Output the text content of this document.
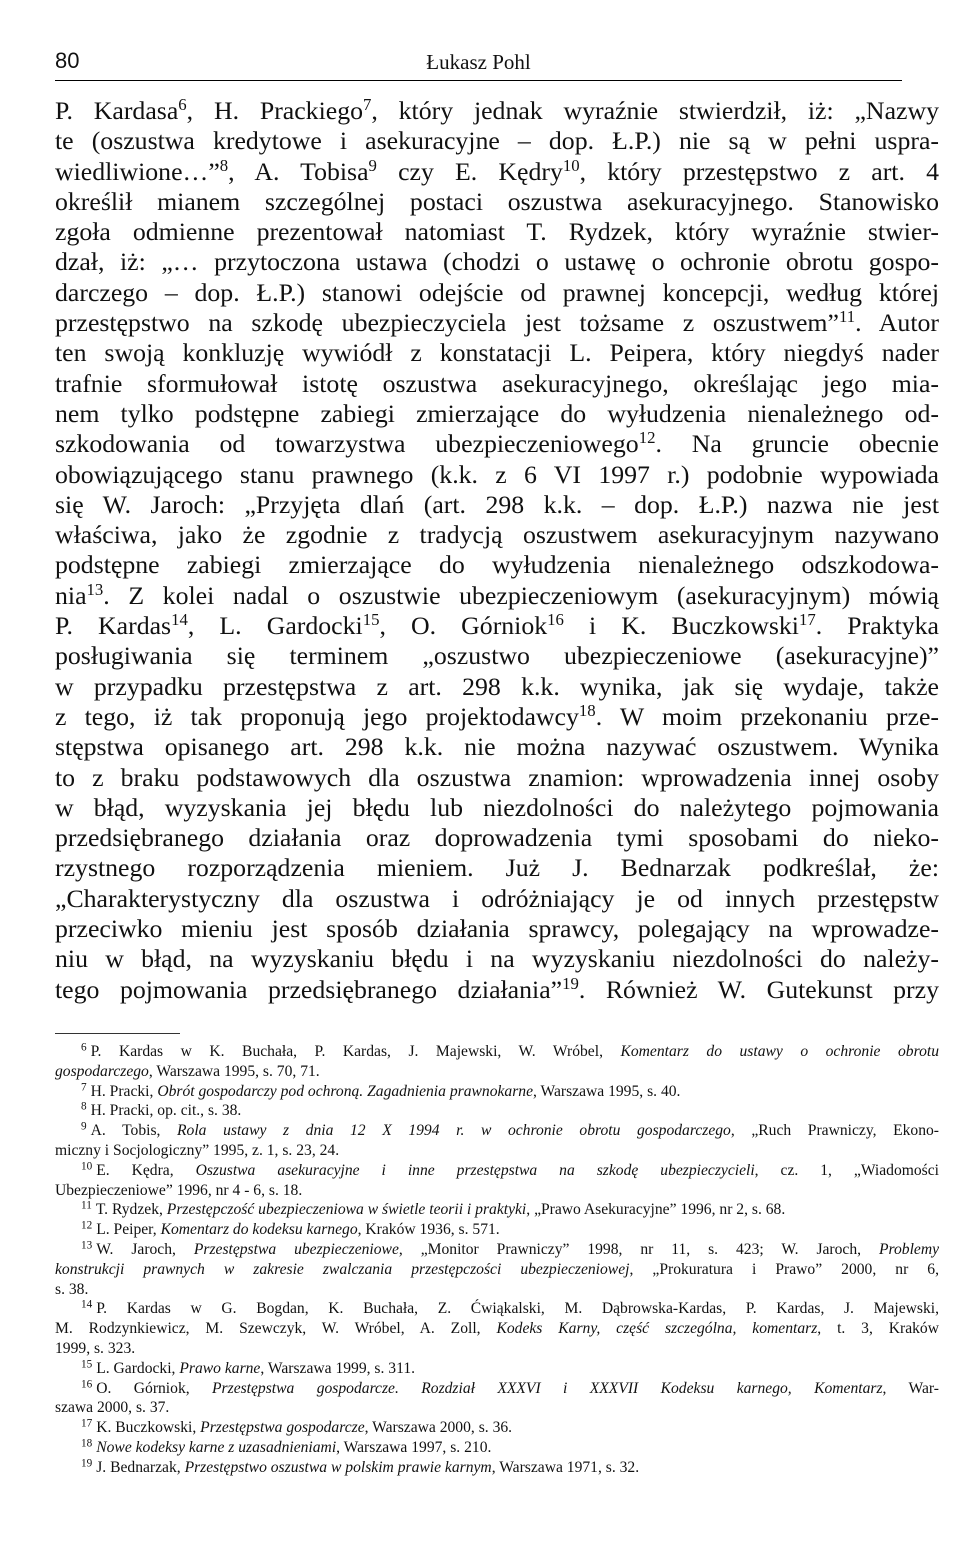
80	Łukasz Pohl
P. Kardasa$^6$, H. Prackiego$^7$, który jednak wyraźnie stwierdził, iż: „Nazwy
te (oszustwa kredytowe i asekuracyjne – dop. Ł.P.) nie są w pełni uspra-
wiedliwione…”$^8$, A. Tobisa$^9$ czy E. Kędry$^{10}$, który przestępstwo z art. 4
określił mianem szczególnej postaci oszustwa asekuracyjnego. Stanowisko
zgoła odmienne prezentował natomiast T. Rydzek, który wyraźnie stwier-
dzał, iż: „… przytoczona ustawa (chodzi o ustawę o ochronie obrotu gospo-
darczego – dop. Ł.P.) stanowi odejście od prawnej koncepcji, według której
przestępstwo na szkodę ubezpieczyciela jest tożsame z oszustwem”$^{11}$. Autor
ten swoją konkluzję wywiódł z konstatacji L. Peipera, który niegdyś nader
trafnie sformułował istotę oszustwa asekuracyjnego, określając jego mia-
nem tylko podstępne zabiegi zmierzające do wyłudzenia nienależnego od-
szkodowania od towarzystwa ubezpieczeniowego$^{12}$. Na gruncie obecnie
obowiązującego stanu prawnego (k.k. z 6 VI 1997 r.) podobnie wypowiada
się W. Jaroch: „Przyjęta dlań (art. 298 k.k. – dop. Ł.P.) nazwa nie jest
właściwa, jako że zgodnie z tradycją oszustwem asekuracyjnym nazywano
podstępne zabiegi zmierzające do wyłudzenia nienależnego odszkodowa-
nia$^{13}$. Z kolei nadal o oszustwie ubezpieczeniowym (asekuracyjnym) mówią
P. Kardas$^{14}$, L. Gardocki$^{15}$, O. Górniok$^{16}$ i K. Buczkowski$^{17}$. Praktyka
posługiwania się terminem „oszustwo ubezpieczeniowe (asekuracyjne)”
w przypadku przestępstwa z art. 298 k.k. wynika, jak się wydaje, także
z tego, iż tak proponują jego projektodawcy$^{18}$. W moim przekonaniu prze-
stępstwa opisanego art. 298 k.k. nie można nazywać oszustwem. Wynika
to z braku podstawowych dla oszustwa znamion: wprowadzenia innej osoby
w błąd, wyzyskania jej błędu lub niezdolności do należytego pojmowania
przedsiębranego działania oraz doprowadzenia tymi sposobami do nieko-
rzystnego rozporządzenia mieniem. Już J. Bednarzak podkreślał, że:
„Charakterystyczny dla oszustwa i odróżniający je od innych przestępstw
przeciwko mieniu jest sposób działania sprawcy, polegający na wprowadze-
niu w błąd, na wyzyskaniu błędu i na wyzyskaniu niezdolności do należy-
tego pojmowania przedsiębranego działania”$^{19}$. Również W. Gutekunst przy
$^6$ P. Kardas w K. Buchała, P. Kardas, J. Majewski, W. Wróbel, Komentarz do ustawy o ochronie obrotu
gospodarczego, Warszawa 1995, s. 70, 71.
$^7$ H. Pracki, Obrót gospodarczy pod ochroną. Zagadnienia prawnokarne, Warszawa 1995, s. 40.
$^8$ H. Pracki, op. cit., s. 38.
$^9$ A. Tobis, Rola ustawy z dnia 12 X 1994 r. w ochronie obrotu gospodarczego, „Ruch Prawniczy, Ekono-
miczny i Socjologiczny” 1995, z. 1, s. 23, 24.
$^{10}$ E. Kędra, Oszustwa asekuracyjne i inne przestępstwa na szkodę ubezpieczycieli, cz. 1, „Wiadomości
Ubezpieczeniowe” 1996, nr 4 - 6, s. 18.
$^{11}$ T. Rydzek, Przestępczość ubezpieczeniowa w świetle teorii i praktyki, „Prawo Asekuracyjne” 1996, nr 2, s. 68.
$^{12}$ L. Peiper, Komentarz do kodeksu karnego, Kraków 1936, s. 571.
$^{13}$ W. Jaroch, Przestępstwa ubezpieczeniowe, „Monitor Prawniczy” 1998, nr 11, s. 423; W. Jaroch, Problemy
konstrukcji prawnych w zakresie zwalczania przestępczości ubezpieczeniowej, „Prokuratura i Prawo” 2000, nr 6,
s. 38.
$^{14}$ P. Kardas w G. Bogdan, K. Buchała, Z. Ćwiąkalski, M. Dąbrowska-Kardas, P. Kardas, J. Majewski,
M. Rodzynkiewicz, M. Szewczyk, W. Wróbel, A. Zoll, Kodeks Karny, część szczególna, komentarz, t. 3, Kraków
1999, s. 323.
$^{15}$ L. Gardocki, Prawo karne, Warszawa 1999, s. 311.
$^{16}$ O. Górniok, Przestępstwa gospodarcze. Rozdział XXXVI i XXXVII Kodeksu karnego, Komentarz, War-
szawa 2000, s. 37.
$^{17}$ K. Buczkowski, Przestępstwa gospodarcze, Warszawa 2000, s. 36.
$^{18}$ Nowe kodeksy karne z uzasadnieniami, Warszawa 1997, s. 210.
$^{19}$ J. Bednarzak, Przestępstwo oszustwa w polskim prawie karnym, Warszawa 1971, s. 32.
